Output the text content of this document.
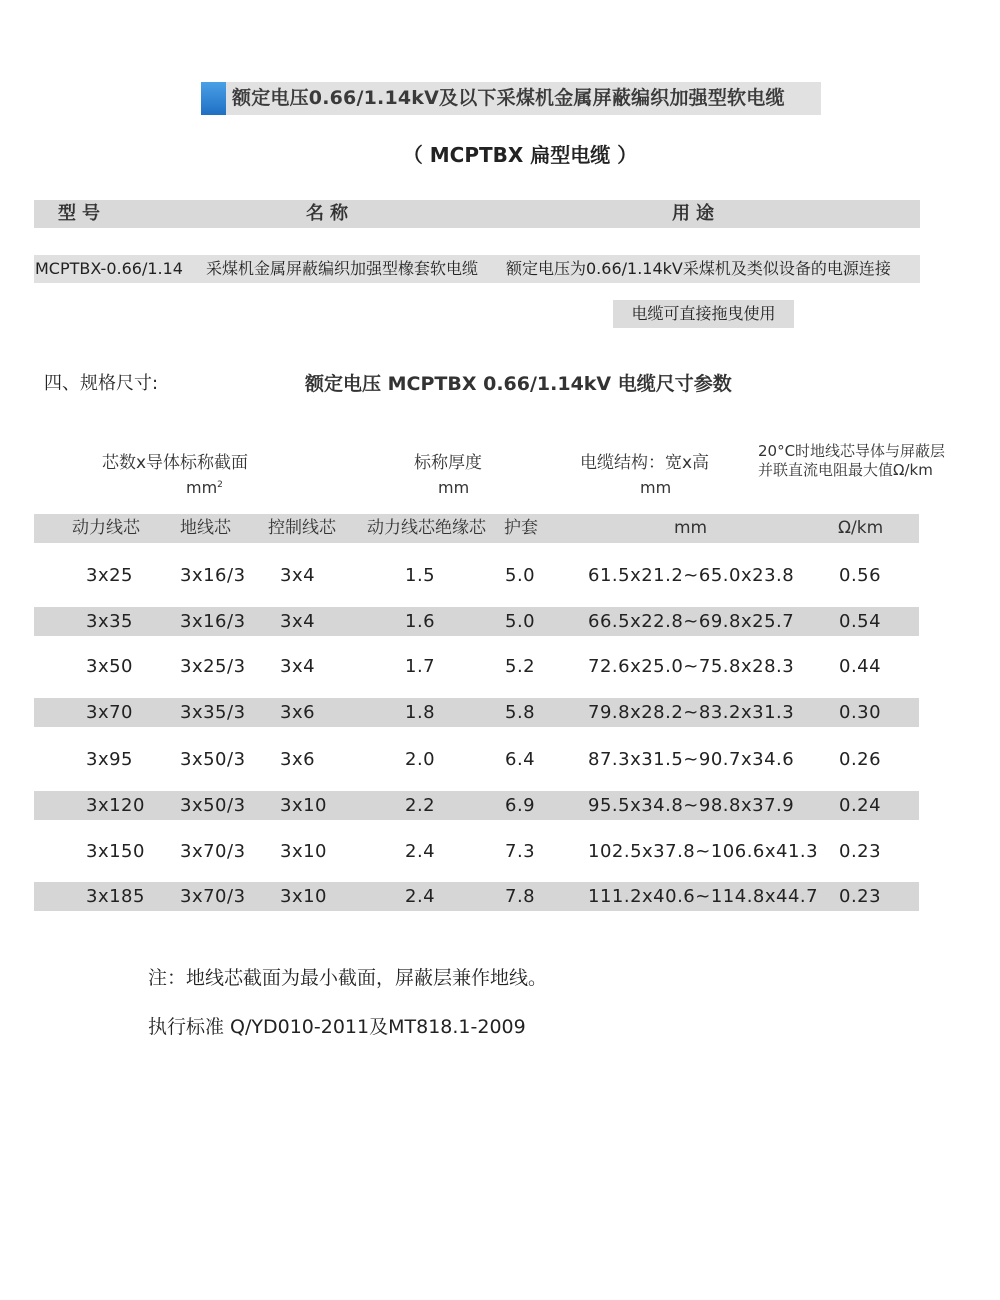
额定电压0.66/1.14kV及以下采煤机金属屏蔽编织加强型软电缆
（ MCPTBX 扁型电缆 ）
型号	名称	用途
MCPTBX-0.66/1.14 采煤机金属屏蔽编织加强型橡套软电缆 额定电压为0.66/1.14kV采煤机及类似设备的电源连接
电缆可直接拖曳使用
四、规格尺寸:	额定电压 MCPTBX 0.66/1.14kV 电缆尺寸参数
芯数x导体标称截面
$mm^2$
标称厚度
mm
电缆结构：宽x高
mm
20°C时地线芯导体与屏蔽层
并联直流电阻最大值Ω/km
动力线芯 地线芯 控制线芯 动力线芯绝缘芯 护套	mm	Ω/km
3x25	3x16/3 3x4	1.5	5.0	61.5x21.2~65.0x23.8 0.56
3x35	3x16/3 3x4	1.6	5.0	66.5x22.8~69.8x25.7 0.54
3x50	3x25/3 3x4	1.7	5.2	72.6x25.0~75.8x28.3 0.44
3x70	3x35/3 3x6	1.8	5.8	79.8x28.2~83.2x31.3 0.30
3x95	3x50/3 3x6	2.0	6.4	87.3x31.5~90.7x34.6 0.26
3x120 3x50/3 3x10	2.2	6.9	95.5x34.8~98.8x37.9 0.24
3x150 3x70/3 3x10	2.4	7.3	102.5x37.8~106.6x41.3 0.23
3x185 3x70/3 3x10	2.4	7.8	111.2x40.6~114.8x44.7 0.23
注：地线芯截面为最小截面，屏蔽层兼作地线。
执行标准 Q/YD010-2011及MT818.1-2009
